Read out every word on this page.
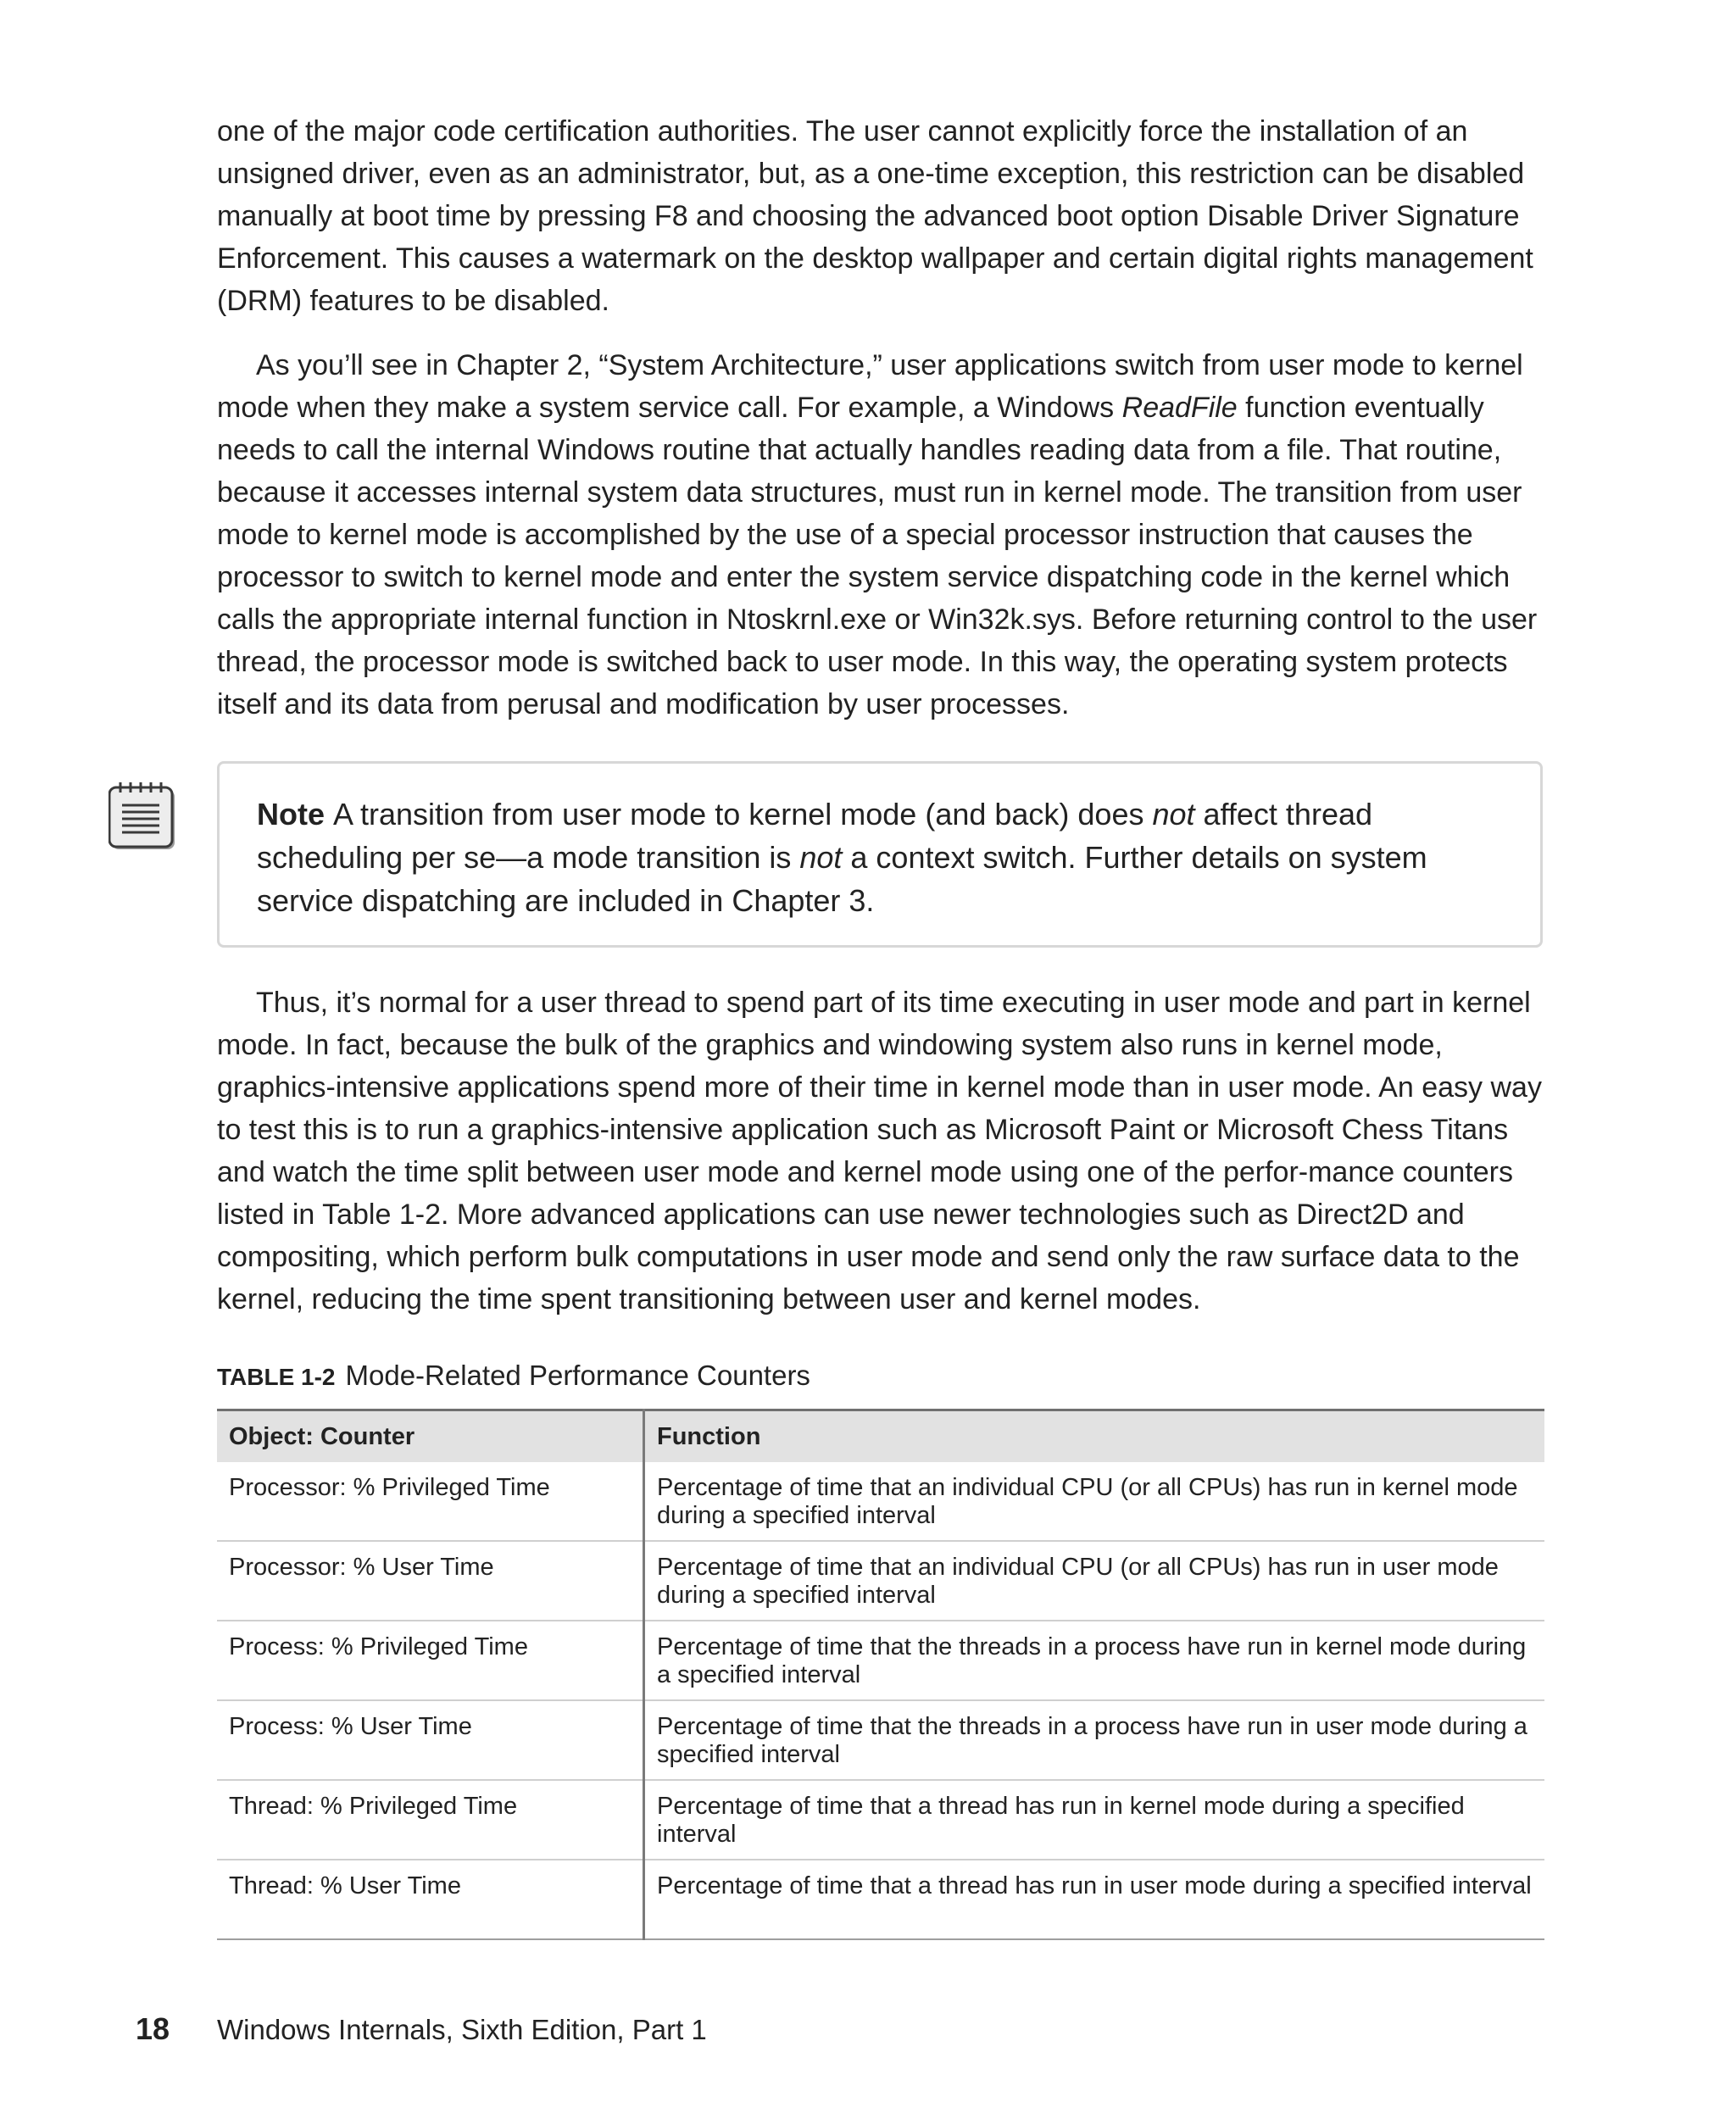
one of the major code certification authorities. The user cannot explicitly force the installation of an unsigned driver, even as an administrator, but, as a one-time exception, this restriction can be disabled manually at boot time by pressing F8 and choosing the advanced boot option Disable Driver Signature Enforcement. This causes a watermark on the desktop wallpaper and certain digital rights management (DRM) features to be disabled.

As you’ll see in Chapter 2, “System Architecture,” user applications switch from user mode to kernel mode when they make a system service call. For example, a Windows ReadFile function eventually needs to call the internal Windows routine that actually handles reading data from a file. That routine, because it accesses internal system data structures, must run in kernel mode. The transition from user mode to kernel mode is accomplished by the use of a special processor instruction that causes the processor to switch to kernel mode and enter the system service dispatching code in the kernel which calls the appropriate internal function in Ntoskrnl.exe or Win32k.sys. Before returning control to the user thread, the processor mode is switched back to user mode. In this way, the operating system protects itself and its data from perusal and modification by user processes.

Note A transition from user mode to kernel mode (and back) does not affect thread scheduling per se—a mode transition is not a context switch. Further details on system service dispatching are included in Chapter 3.

Thus, it’s normal for a user thread to spend part of its time executing in user mode and part in kernel mode. In fact, because the bulk of the graphics and windowing system also runs in kernel mode, graphics-intensive applications spend more of their time in kernel mode than in user mode. An easy way to test this is to run a graphics-intensive application such as Microsoft Paint or Microsoft Chess Titans and watch the time split between user mode and kernel mode using one of the perfor-mance counters listed in Table 1-2. More advanced applications can use newer technologies such as Direct2D and compositing, which perform bulk computations in user mode and send only the raw surface data to the kernel, reducing the time spent transitioning between user and kernel modes.

TABLE 1-2 Mode-Related Performance Counters
Object: Counter	Function
Processor: % Privileged Time	Percentage of time that an individual CPU (or all CPUs) has run in kernel mode during a specified interval
Processor: % User Time	Percentage of time that an individual CPU (or all CPUs) has run in user mode during a specified interval
Process: % Privileged Time	Percentage of time that the threads in a process have run in kernel mode during a specified interval
Process: % User Time	Percentage of time that the threads in a process have run in user mode during a specified interval
Thread: % Privileged Time	Percentage of time that a thread has run in kernel mode during a specified interval
Thread: % User Time	Percentage of time that a thread has run in user mode during a specified interval
18 Windows Internals, Sixth Edition, Part 1
